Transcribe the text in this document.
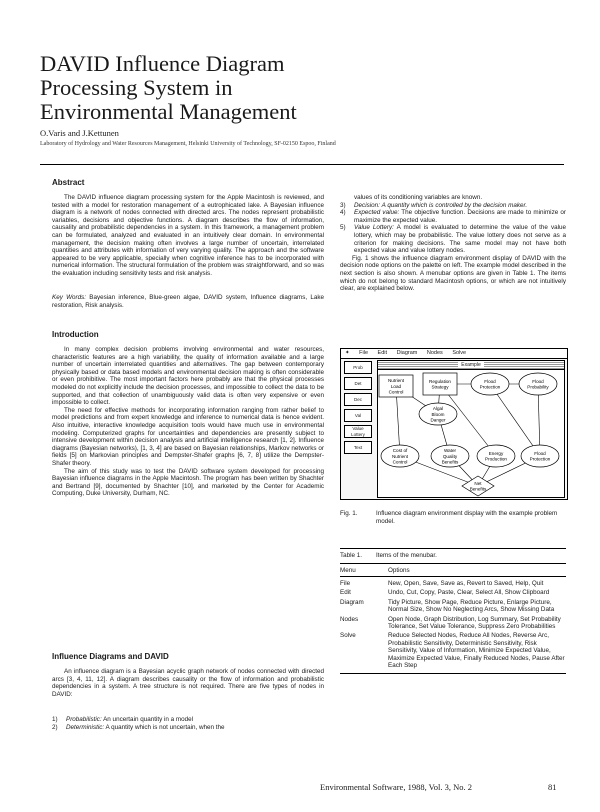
DAVID Influence Diagram Processing System in Environmental Management
O.Varis and J.Kettunen
Laboratory of Hydrology and Water Resources Management, Helsinki University of Technology, SF-02150 Espoo, Finland
Abstract

The DAVID influence diagram processing system for the Apple Macintosh is reviewed, and tested with a model for restoration management of a eutrophicated lake. A Bayesian influence diagram is a network of nodes connected with directed arcs. The nodes represent probabilistic variables, decisions and objective functions. A diagram describes the flow of information, causality and probabilistic dependencies in a system. In this framework, a management problem can be formulated, analyzed and evaluated in an intuitively clear domain. In environmental management, the decision making often involves a large number of uncertain, interrelated quantities and attributes with information of very varying quality. The approach and the software appeared to be very applicable, specially when cognitive inference has to be incorporated with numerical information. The structural formulation of the problem was straightforward, and so was the evaluation including sensitivity tests and risk analysis.

Key Words: Bayesian inference, Blue-green algae, DAVID system, Influence diagrams, Lake restoration, Risk analysis.
Introduction

In many complex decision problems involving environmental and water resources, characteristic features are a high variability, the quality of information available and a large number of uncertain interrelated quantities and alternatives. The gap between contemporary physically based or data based models and environmental decision making is often considerable or even prohibitive. The most important factors here probably are that the physical processes modeled do not explicitly include the decision processes, and impossible to collect the data to be supported, and that collection of unambiguously valid data is often very expensive or even impossible to collect.

The need for effective methods for incorporating information ranging from rather belief to model predictions and from expert knowledge and inference to numerical data is hence evident. Also intuitive, interactive knowledge acquisition tools would have much use in environmental modeling. Computerized graphs for uncertainties and dependencies are presently subject to intensive development within decision analysis and artificial intelligence research [1, 2]. Influence diagrams (Bayesian networks), [1, 3, 4] are based on Bayesian relationships, Markov networks or fields [5] on Markovian principles and Dempster-Shafer graphs [6, 7, 8] utilize the Dempster-Shafer theory.

The aim of this study was to test the DAVID software system developed for processing Bayesian influence diagrams in the Apple Macintosh. The program has been written by Shachter and Bertrand [9], documented by Shachter [10], and marketed by the Center for Academic Computing, Duke University, Durham, NC.

Influence Diagrams and DAVID

An influence diagram is a Bayesian acyclic graph network of nodes connected with directed arcs [3, 4, 11, 12]. A diagram describes causality or the flow of information and probabilistic dependencies in a system. A tree structure is not required. There are five types of nodes in DAVID:

1)	Probabilistic: An uncertain quantity in a model
2)	Deterministic: A quantity which is not uncertain, when the
values of its conditioning variables are known.
3)	Decision: A quantity which is controlled by the decision maker.
4)	Expected value: The objective function. Decisions are made to minimize or maximize the expected value.
5)	Value Lottery: A model is evaluated to determine the value of the value lottery, which may be probabilistic. The value lottery does not serve as a criterion for making decisions. The same model may not have both expected value and value lottery nodes.

Fig. 1 shows the influence diagram environment display of DAVID with the decision node options on the palette on left. The example model described in the next section is also shown. A menubar options are given in Table 1. The items which do not belong to standard Macintosh options, or which are not intuitively clear, are explained below.

✦ File Edit Diagram Nodes Solve
Prob
Det
Dec
Val
Value Lottery
Text
Example
Nutrient
Load
Control
Regulation
Strategy
Flood
Protection
Flood
Probability
Algal
Bloom
Danger
Cost of
Nutrient
Control
Water
Quality
Benefits
Energy
Production
Flood
Protection
Net
Benefits
Fig. 1.	Influence diagram environment display with the example problem model.
Table 1.	Items of the menubar.
Menu	Options

File	New, Open, Save, Save as, Revert to Saved, Help, Quit
Edit	Undo, Cut, Copy, Paste, Clear, Select All, Show Clipboard
Diagram	Tidy Picture, Show Page, Reduce Picture, Enlarge Picture, Normal Size, Show No Neglecting Arcs, Show Missing Data
Nodes	Open Node, Graph Distribution, Log Summary, Set Probability Tolerance, Set Value Tolerance, Suppress Zero Probabilities
Solve	Reduce Selected Nodes, Reduce All Nodes, Reverse Arc, Probabilistic Sensitivity, Deterministic Sensitivity, Risk Sensitivity, Value of Information, Minimize Expected Value, Maximize Expected Value, Finally Reduced Nodes, Pause After Each Step
Environmental Software, 1988, Vol. 3, No. 2	81
